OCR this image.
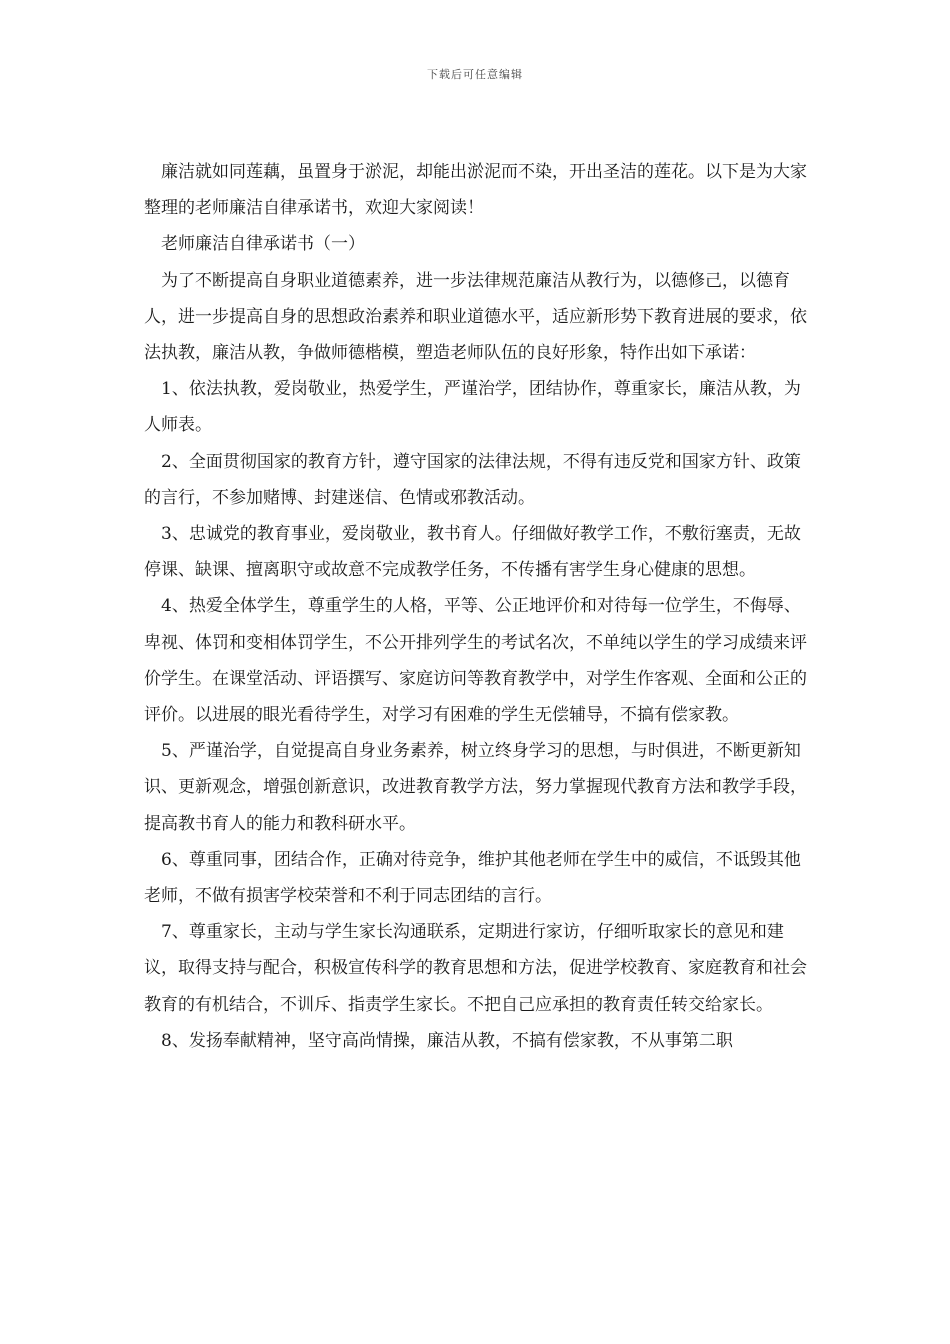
下载后可任意编辑

廉洁就如同莲藕，虽置身于淤泥，却能出淤泥而不染，开出圣洁的莲花。以下是为大家整理的老师廉洁自律承诺书，欢迎大家阅读！

老师廉洁自律承诺书（一）

为了不断提高自身职业道德素养，进一步法律规范廉洁从教行为，以德修己，以德育人，进一步提高自身的思想政治素养和职业道德水平，适应新形势下教育进展的要求，依法执教，廉洁从教，争做师德楷模，塑造老师队伍的良好形象，特作出如下承诺：

1、依法执教，爱岗敬业，热爱学生，严谨治学，团结协作，尊重家长，廉洁从教，为人师表。

2、全面贯彻国家的教育方针，遵守国家的法律法规，不得有违反党和国家方针、政策的言行，不参加赌博、封建迷信、色情或邪教活动。

3、忠诚党的教育事业，爱岗敬业，教书育人。仔细做好教学工作，不敷衍塞责，无故停课、缺课、擅离职守或故意不完成教学任务，不传播有害学生身心健康的思想。

4、热爱全体学生，尊重学生的人格，平等、公正地评价和对待每一位学生，不侮辱、卑视、体罚和变相体罚学生，不公开排列学生的考试名次，不单纯以学生的学习成绩来评价学生。在课堂活动、评语撰写、家庭访问等教育教学中，对学生作客观、全面和公正的评价。以进展的眼光看待学生，对学习有困难的学生无偿辅导，不搞有偿家教。

5、严谨治学，自觉提高自身业务素养，树立终身学习的思想，与时俱进，不断更新知识、更新观念，增强创新意识，改进教育教学方法，努力掌握现代教育方法和教学手段，提高教书育人的能力和教科研水平。

6、尊重同事，团结合作，正确对待竞争，维护其他老师在学生中的威信，不诋毁其他老师，不做有损害学校荣誉和不利于同志团结的言行。

7、尊重家长，主动与学生家长沟通联系，定期进行家访，仔细听取家长的意见和建议，取得支持与配合，积极宣传科学的教育思想和方法，促进学校教育、家庭教育和社会教育的有机结合，不训斥、指责学生家长。不把自己应承担的教育责任转交给家长。

8、发扬奉献精神，坚守高尚情操，廉洁从教，不搞有偿家教，不从事第二职
